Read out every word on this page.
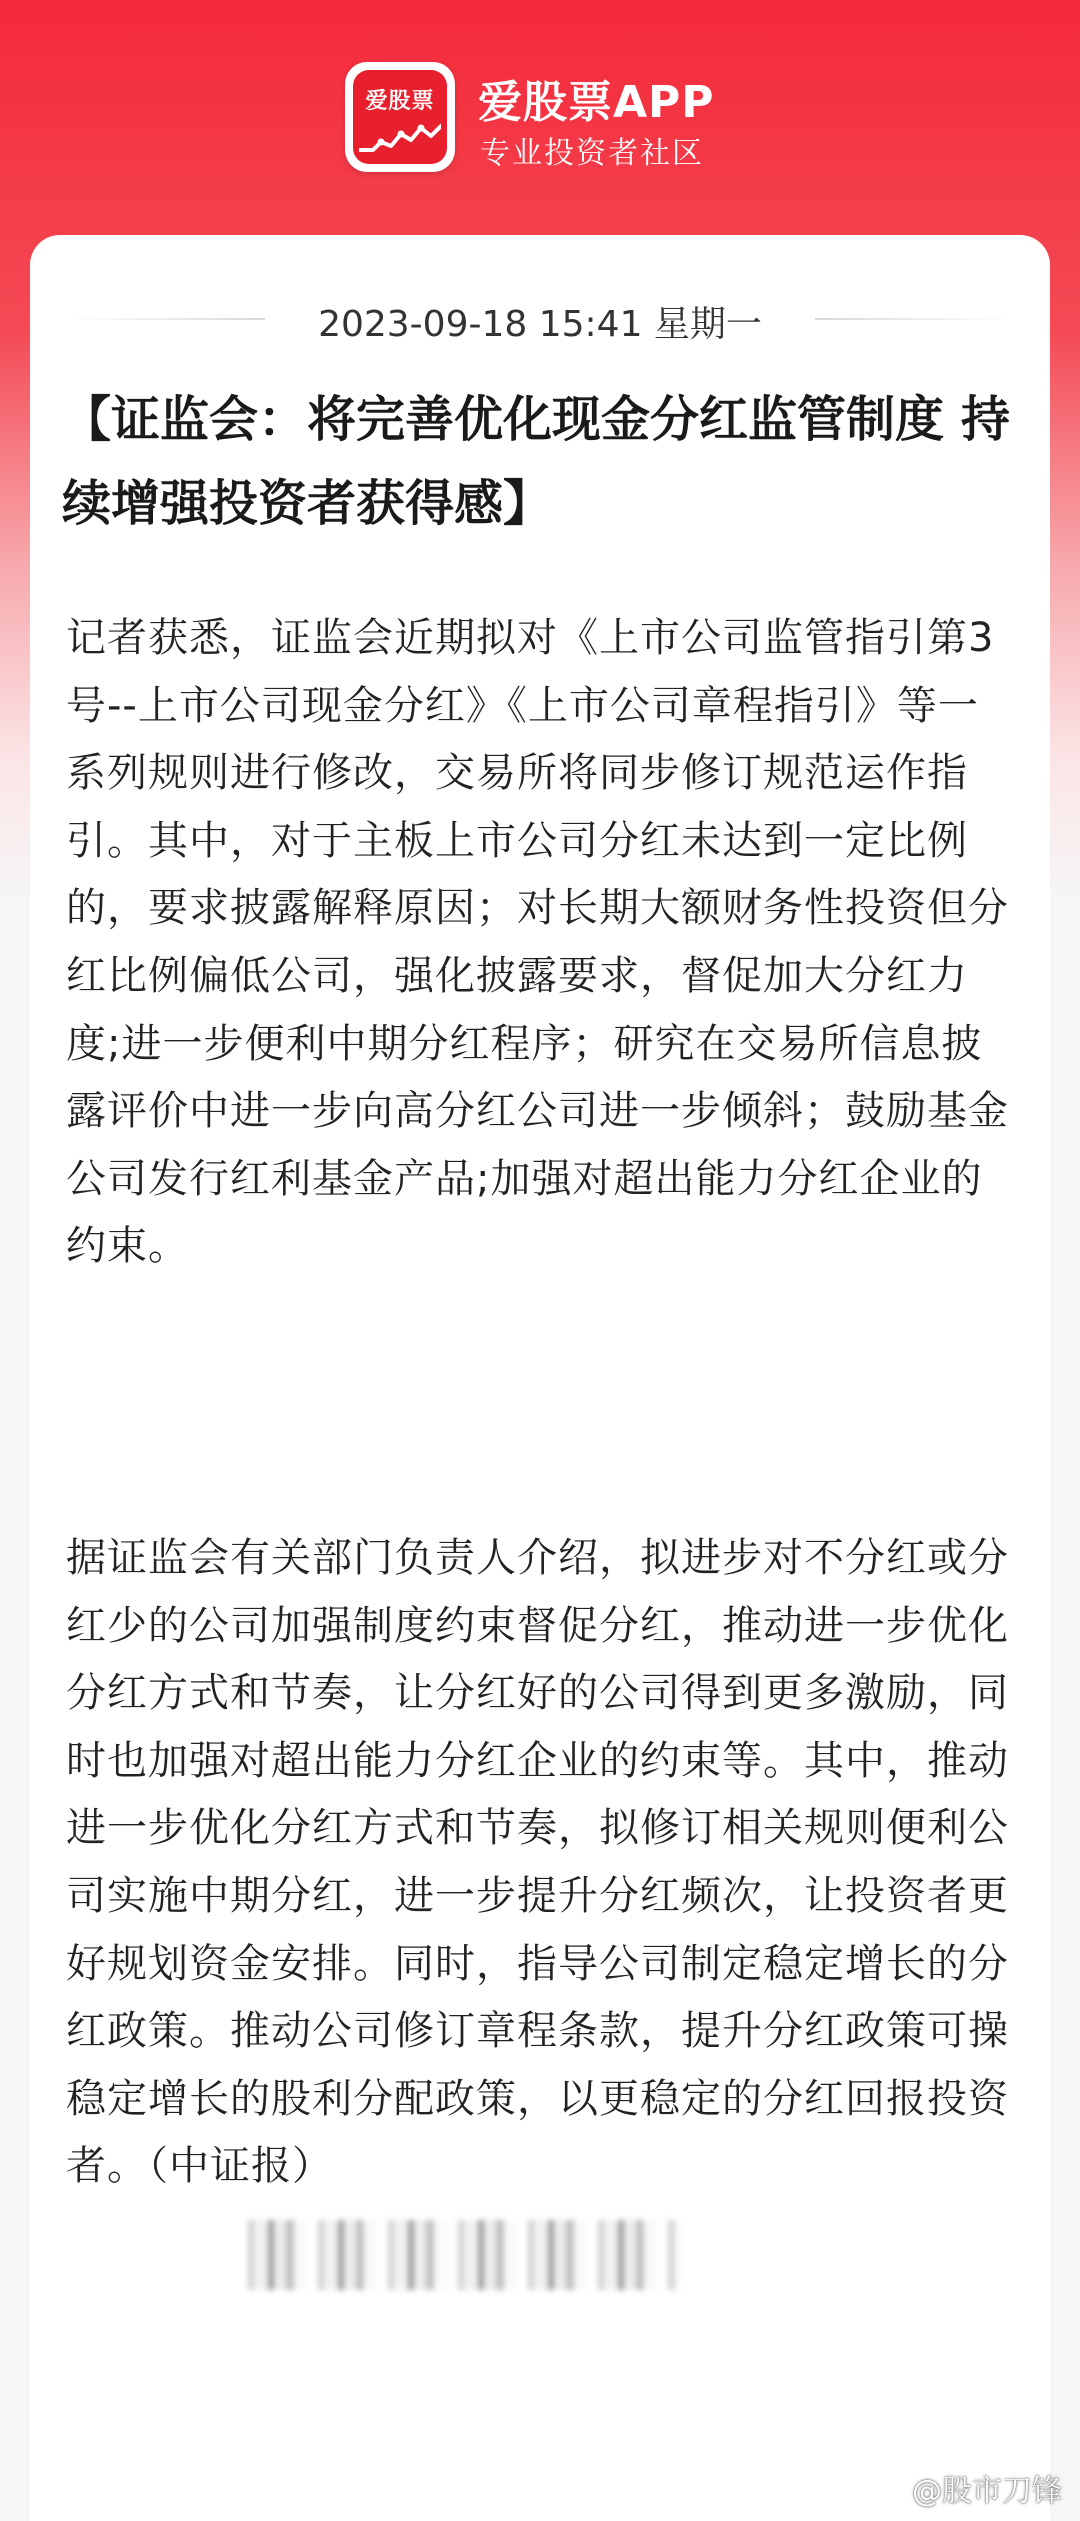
爱股票 爱股票APP
专业投资者社区
2023-09-18 15:41 星期一
【证监会：将完善优化现金分红监管制度 持续增强投资者获得感】
记者获悉，证监会近期拟对《上市公司监管指引第3号--上市公司现金分红》《上市公司章程指引》等一系列规则进行修改，交易所将同步修订规范运作指引。其中，对于主板上市公司分红未达到一定比例的，要求披露解释原因；对长期大额财务性投资但分红比例偏低公司，强化披露要求，督促加大分红力度;进一步便利中期分红程序；研究在交易所信息披露评价中进一步向高分红公司进一步倾斜；鼓励基金公司发行红利基金产品;加强对超出能力分红企业的约束。
据证监会有关部门负责人介绍，拟进步对不分红或分红少的公司加强制度约束督促分红，推动进一步优化分红方式和节奏，让分红好的公司得到更多激励，同时也加强对超出能力分红企业的约束等。其中，推动进一步优化分红方式和节奏，拟修订相关规则便利公司实施中期分红，进一步提升分红频次，让投资者更好规划资金安排。同时，指导公司制定稳定增长的分红政策。推动公司修订章程条款，提升分红政策可操稳定增长的股利分配政策，以更稳定的分红回报投资者。（中证报）
@股市刀锋
